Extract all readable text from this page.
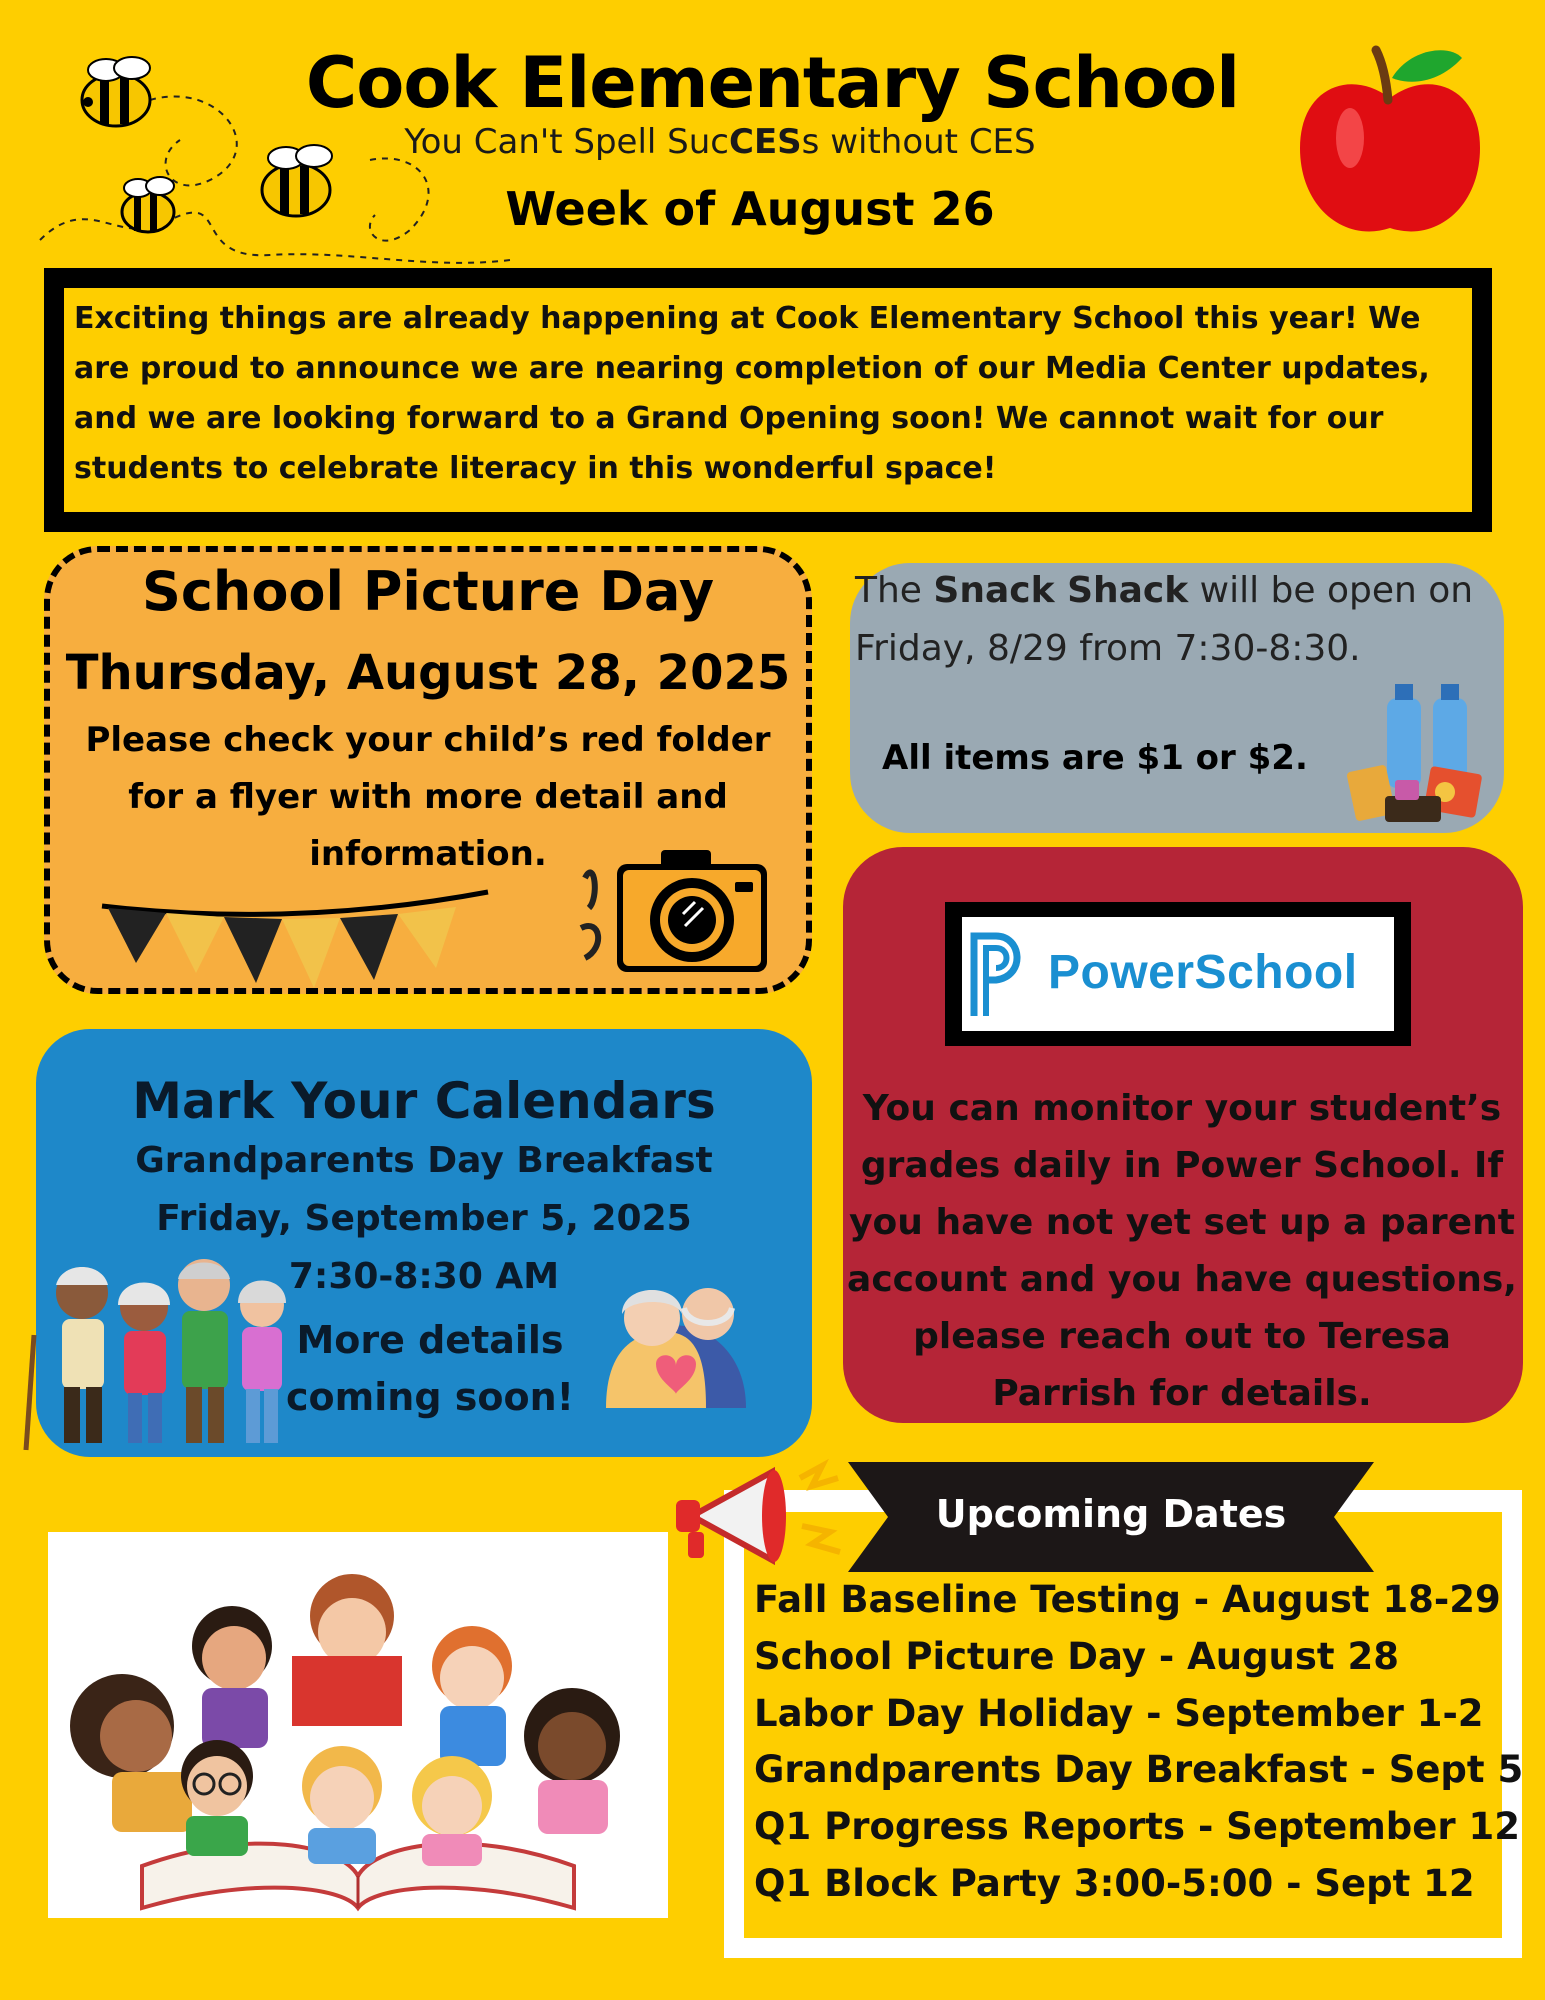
Cook Elementary School
You Can't Spell SucCESs without CES
Week of August 26
Exciting things are already happening at Cook Elementary School this year! We are proud to announce we are nearing completion of our Media Center updates, and we are looking forward to a Grand Opening soon! We cannot wait for our students to celebrate literacy in this wonderful space!
School Picture Day
Thursday, August 28, 2025
Please check your child’s red folder for a flyer with more detail and information.
The Snack Shack will be open on Friday, 8/29 from 7:30-8:30.
All items are $1 or $2.
PowerSchool
You can monitor your student’s grades daily in Power School. If you have not yet set up a parent account and you have questions, please reach out to Teresa Parrish for details.
Mark Your Calendars
Grandparents Day Breakfast
Friday, September 5, 2025
7:30-8:30 AM
More details coming soon!
Upcoming Dates
Fall Baseline Testing - August 18-29
School Picture Day - August 28
Labor Day Holiday - September 1-2
Grandparents Day Breakfast - Sept 5
Q1 Progress Reports - September 12
Q1 Block Party 3:00-5:00 - Sept 12
